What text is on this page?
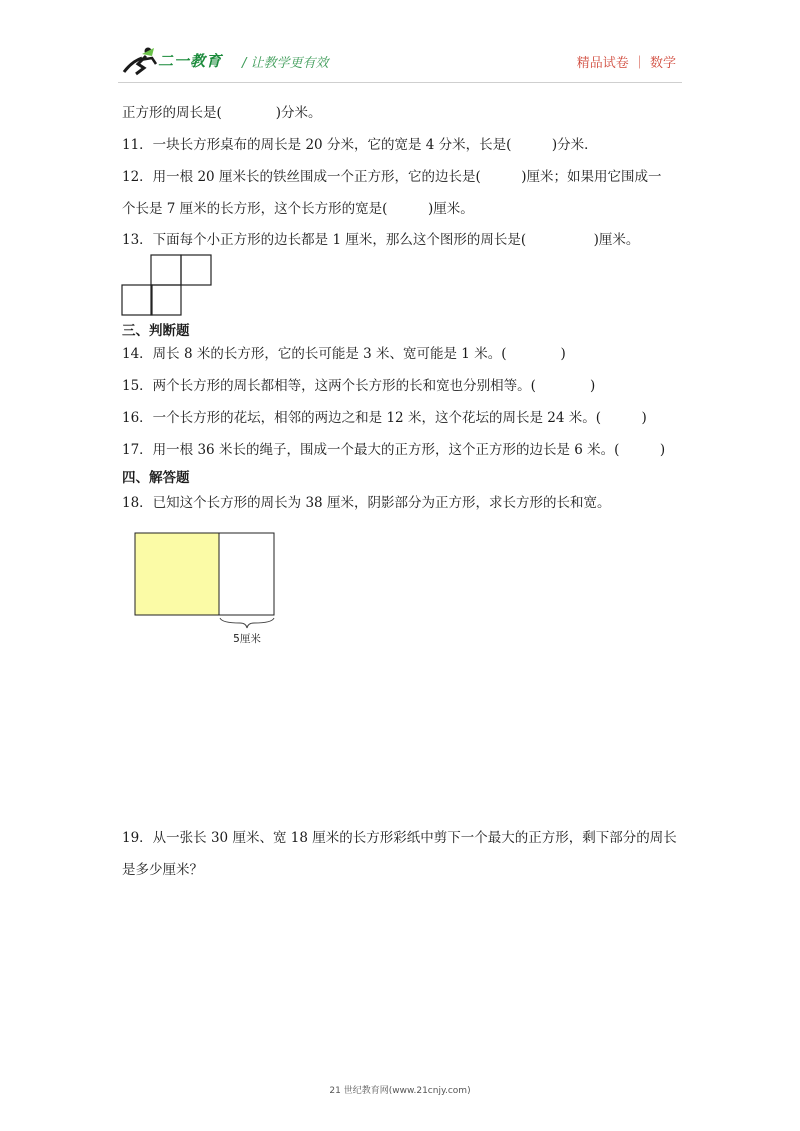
二一教育 / 让教学更有效	精品试卷 ｜ 数学
正方形的周长是(　　　　)分米。
11．一块长方形桌布的周长是 20 分米，它的宽是 4 分米，长是(　　　)分米．
12．用一根 20 厘米长的铁丝围成一个正方形，它的边长是(　　　)厘米；如果用它围成一
个长是 7 厘米的长方形，这个长方形的宽是(　　　)厘米。
13．下面每个小正方形的边长都是 1 厘米，那么这个图形的周长是(　　　　　)厘米。
三、判断题
14．周长 8 米的长方形，它的长可能是 3 米、宽可能是 1 米。(　　　　)
15．两个长方形的周长都相等，这两个长方形的长和宽也分别相等。(　　　　)
16．一个长方形的花坛，相邻的两边之和是 12 米，这个花坛的周长是 24 米。(　　　)
17．用一根 36 米长的绳子，围成一个最大的正方形，这个正方形的边长是 6 米。(　　　)
四、解答题
18．已知这个长方形的周长为 38 厘米，阴影部分为正方形，求长方形的长和宽。
5厘米
19．从一张长 30 厘米、宽 18 厘米的长方形彩纸中剪下一个最大的正方形，剩下部分的周长
是多少厘米？
21 世纪教育网(www.21cnjy.com)
